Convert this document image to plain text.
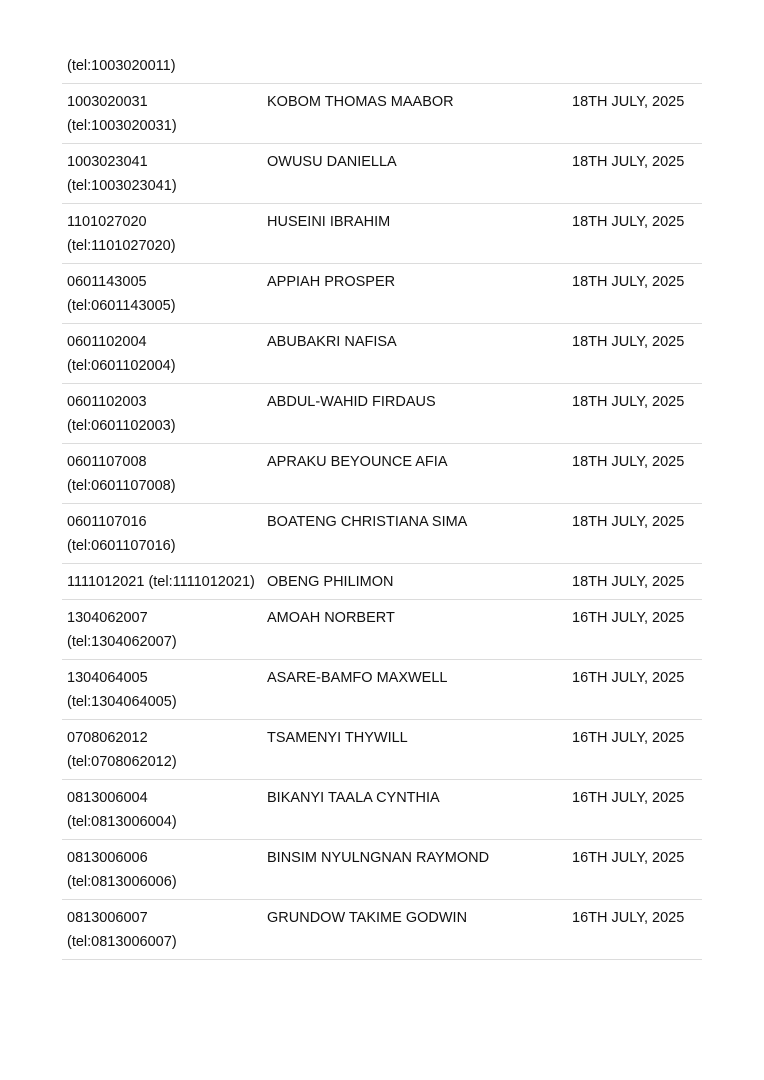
(tel:1003020011)
1003020031
(tel:1003020031)
KOBOM THOMAS MAABOR	18TH JULY, 2025
1003023041
(tel:1003023041)
OWUSU DANIELLA	18TH JULY, 2025
1101027020
(tel:1101027020)
HUSEINI IBRAHIM	18TH JULY, 2025
0601143005
(tel:0601143005)
APPIAH PROSPER	18TH JULY, 2025
0601102004
(tel:0601102004)
ABUBAKRI NAFISA	18TH JULY, 2025
0601102003
(tel:0601102003)
ABDUL-WAHID FIRDAUS	18TH JULY, 2025
0601107008
(tel:0601107008)
APRAKU BEYOUNCE AFIA	18TH JULY, 2025
0601107016
(tel:0601107016)
BOATENG CHRISTIANA SIMA	18TH JULY, 2025
1111012021 (tel:1111012021) OBENG PHILIMON	18TH JULY, 2025
1304062007
(tel:1304062007)
AMOAH NORBERT	16TH JULY, 2025
1304064005
(tel:1304064005)
ASARE-BAMFO MAXWELL	16TH JULY, 2025
0708062012
(tel:0708062012)
TSAMENYI THYWILL	16TH JULY, 2025
0813006004
(tel:0813006004)
BIKANYI TAALA CYNTHIA	16TH JULY, 2025
0813006006
(tel:0813006006)
BINSIM NYULNGNAN RAYMOND	16TH JULY, 2025
0813006007
(tel:0813006007)
GRUNDOW TAKIME GODWIN	16TH JULY, 2025
